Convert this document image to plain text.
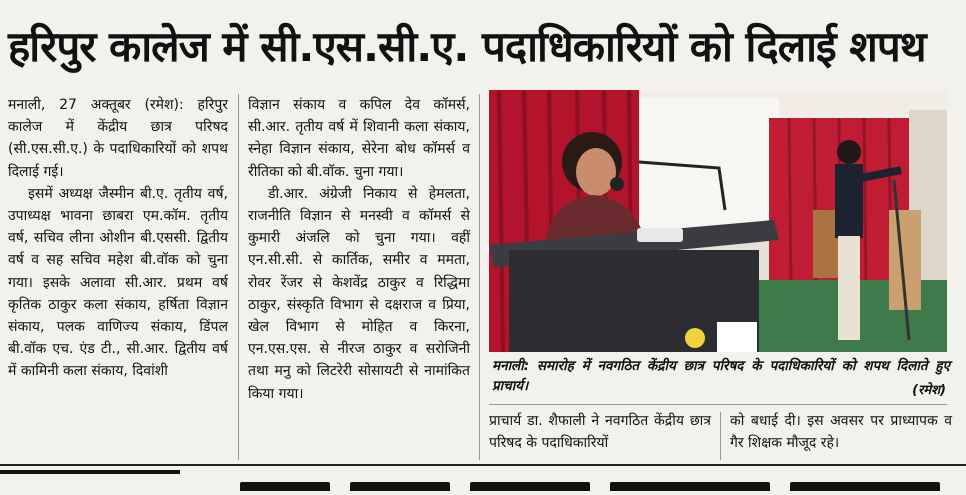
हरिपुर कालेज में सी.एस.सी.ए. पदाधिकारियों को दिलाई शपथ

मनाली, 27 अक्तूबर (रमेश): हरिपुर कालेज में केंद्रीय छात्र परिषद (सी.एस.सी.ए.) के पदाधिकारियों को शपथ दिलाई गई।

इसमें अध्यक्ष जैस्मीन बी.ए. तृतीय वर्ष, उपाध्यक्ष भावना छाबरा एम.कॉम. तृतीय वर्ष, सचिव लीना ओशीन बी.एससी. द्वितीय वर्ष व सह सचिव महेश बी.वॉक को चुना गया। इसके अलावा सी.आर. प्रथम वर्ष कृतिक ठाकुर कला संकाय, हर्षिता विज्ञान संकाय, पलक वाणिज्य संकाय, डिंपल बी.वॉक एच. एंड टी., सी.आर. द्वितीय वर्ष में कामिनी कला संकाय, दिवांशी

विज्ञान संकाय व कपिल देव कॉमर्स, सी.आर. तृतीय वर्ष में शिवानी कला संकाय, स्नेहा विज्ञान संकाय, सेरेना बोध कॉमर्स व रीतिका को बी.वॉक. चुना गया।

डी.आर. अंग्रेजी निकाय से हेमलता, राजनीति विज्ञान से मनस्वी व कॉमर्स से कुमारी अंजलि को चुना गया। वहीं एन.सी.सी. से कार्तिक, समीर व ममता, रोवर रेंजर से केशवेंद्र ठाकुर व रिद्धिमा ठाकुर, संस्कृति विभाग से दक्षराज व प्रिया, खेल विभाग से मोहित व किरना, एन.एस.एस. से नीरज ठाकुर व सरोजिनी तथा मनु को लिटरेरी सोसायटी से नामांकित किया गया।

मनाली: समारोह में नवगठित केंद्रीय छात्र परिषद के पदाधिकारियों को शपथ दिलाते हुए प्राचार्य।	(रमेश)
प्राचार्य डा. शैफाली ने नवगठित केंद्रीय छात्र परिषद के पदाधिकारियों
को बधाई दी। इस अवसर पर प्राध्यापक व गैर शिक्षक मौजूद रहे।
